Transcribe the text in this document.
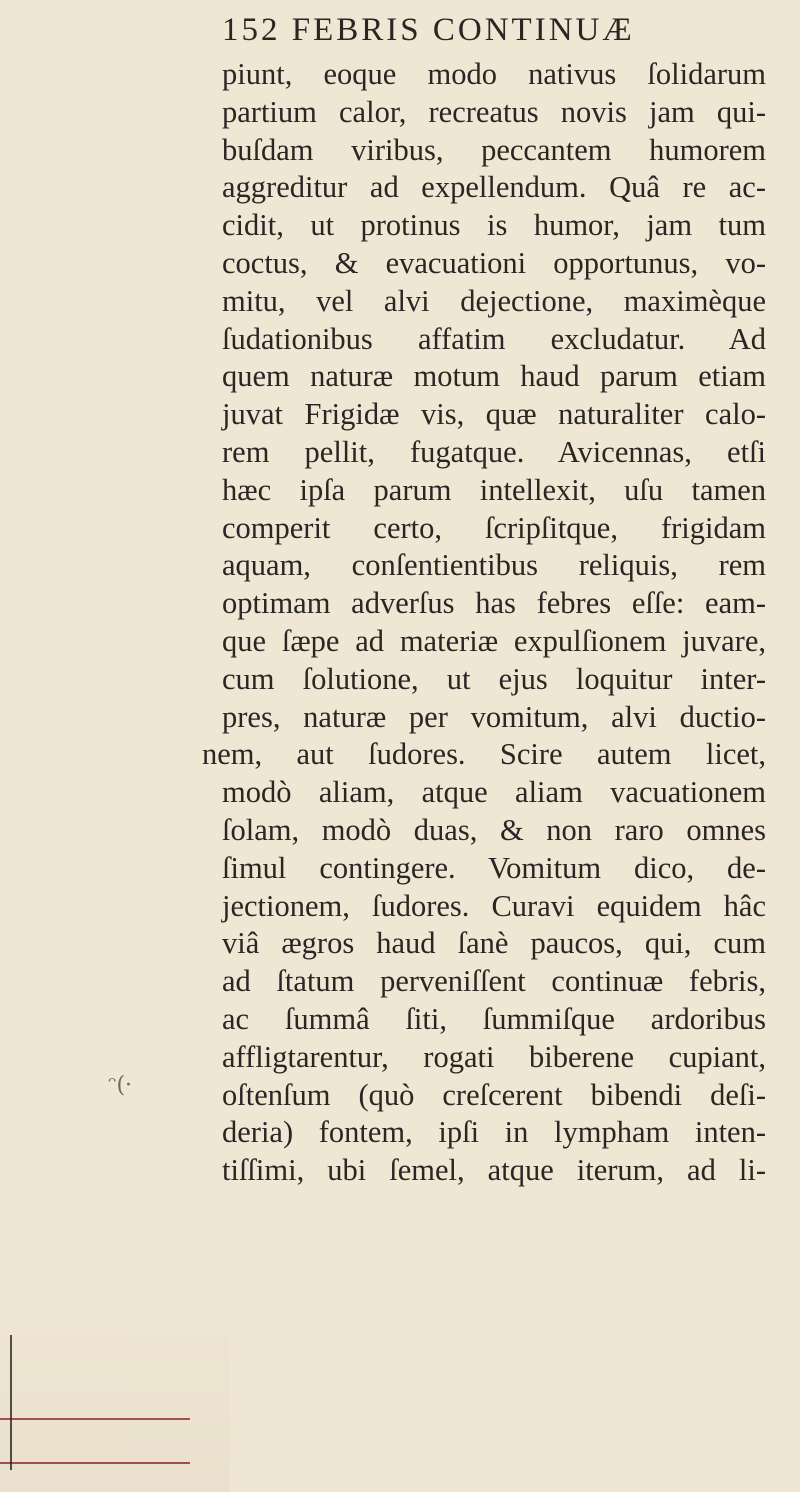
ᵔ(·
152 FEBRIS CONTINUÆ
piunt, eoque modo nativus ſolidarum
partium calor, recreatus novis jam qui-
buſdam viribus, peccantem humorem
aggreditur ad expellendum. Quâ re ac-
cidit, ut protinus is humor, jam tum
coctus, & evacuationi opportunus, vo-
mitu, vel alvi dejectione, maximèque
ſudationibus affatim excludatur. Ad
quem naturæ motum haud parum etiam
juvat Frigidæ vis, quæ naturaliter calo-
rem pellit, fugatque. Avicennas, etſi
hæc ipſa parum intellexit, uſu tamen
comperit certo, ſcripſitque, frigidam
aquam, conſentientibus reliquis, rem
optimam adverſus has febres eſſe: eam-
que ſæpe ad materiæ expulſionem juvare,
cum ſolutione, ut ejus loquitur inter-
pres, naturæ per vomitum, alvi ductio-
nem, aut ſudores. Scire autem licet,
modò aliam, atque aliam vacuationem
ſolam, modò duas, & non raro omnes
ſimul contingere. Vomitum dico, de-
jectionem, ſudores. Curavi equidem hâc
viâ ægros haud ſanè paucos, qui, cum
ad ſtatum perveniſſent continuæ febris,
ac ſummâ ſiti, ſummiſque ardoribus
affligtarentur, rogati biberene cupiant,
oſtenſum (quò creſcerent bibendi deſi-
deria) fontem, ipſi in lympham inten-
tiſſimi, ubi ſemel, atque iterum, ad li-
